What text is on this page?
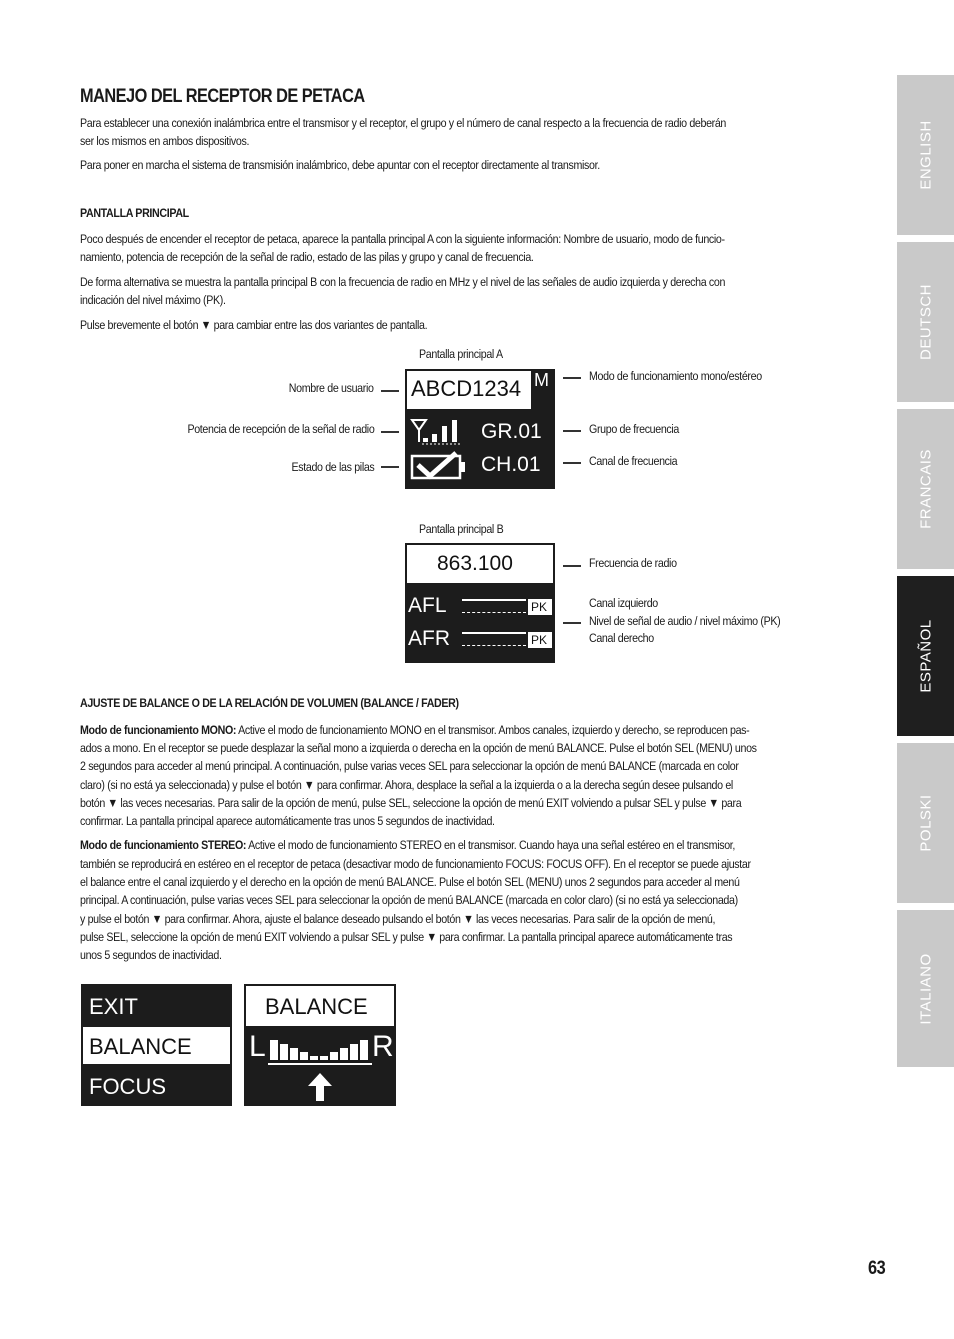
MANEJO DEL RECEPTOR DE PETACA
Para establecer una conexión inalámbrica entre el transmisor y el receptor, el grupo y el número de canal respecto a la frecuencia de radio deberán
ser los mismos en ambos dispositivos.
Para poner en marcha el sistema de transmisión inalámbrico, debe apuntar con el receptor directamente al transmisor.
PANTALLA PRINCIPAL
Poco después de encender el receptor de petaca, aparece la pantalla principal A con la siguiente información: Nombre de usuario, modo de funcio-
namiento, potencia de recepción de la señal de radio, estado de las pilas y grupo y canal de frecuencia.
De forma alternativa se muestra la pantalla principal B con la frecuencia de radio en MHz y el nivel de las señales de audio izquierda y derecha con
indicación del nivel máximo (PK).
Pulse brevemente el botón ▼ para cambiar entre las dos variantes de pantalla.
Pantalla principal A
Nombre de usuario
Potencia de recepción de la señal de radio
Estado de las pilas
ABCD1234 M
GR.01
CH.01
Modo de funcionamiento mono/estéreo
Grupo de frecuencia
Canal de frecuencia
Pantalla principal B
863.100
AFL	PK
AFR	PK
Frecuencia de radio
Canal izquierdo
Nivel de señal de audio / nivel máximo (PK)
Canal derecho
AJUSTE DE BALANCE O DE LA RELACIÓN DE VOLUMEN (BALANCE / FADER)
Modo de funcionamiento MONO: Active el modo de funcionamiento MONO en el transmisor. Ambos canales, izquierdo y derecho, se reproducen pas-
ados a mono. En el receptor se puede desplazar la señal mono a izquierda o derecha en la opción de menú BALANCE. Pulse el botón SEL (MENU) unos
2 segundos para acceder al menú principal. A continuación, pulse varias veces SEL para seleccionar la opción de menú BALANCE (marcada en color
claro) (si no está ya seleccionada) y pulse el botón ▼ para confirmar. Ahora, desplace la señal a la izquierda o a la derecha según desee pulsando el
botón ▼ las veces necesarias. Para salir de la opción de menú, pulse SEL, seleccione la opción de menú EXIT volviendo a pulsar SEL y pulse ▼ para
confirmar. La pantalla principal aparece automáticamente tras unos 5 segundos de inactividad.
Modo de funcionamiento STEREO: Active el modo de funcionamiento STEREO en el transmisor. Cuando haya una señal estéreo en el transmisor,
también se reproducirá en estéreo en el receptor de petaca (desactivar modo de funcionamiento FOCUS: FOCUS OFF). En el receptor se puede ajustar
el balance entre el canal izquierdo y el derecho en la opción de menú BALANCE. Pulse el botón SEL (MENU) unos 2 segundos para acceder al menú
principal. A continuación, pulse varias veces SEL para seleccionar la opción de menú BALANCE (marcada en color claro) (si no está ya seleccionada)
y pulse el botón ▼ para confirmar. Ahora, ajuste el balance deseado pulsando el botón ▼ las veces necesarias. Para salir de la opción de menú,
pulse SEL, seleccione la opción de menú EXIT volviendo a pulsar SEL y pulse ▼ para confirmar. La pantalla principal aparece automáticamente tras
unos 5 segundos de inactividad.
EXIT
BALANCE
FOCUS
BALANCE
L	R
ENGLISH
DEUTSCH
FRANCAIS
ESPAÑOL
POLSKI
ITALIANO
63
